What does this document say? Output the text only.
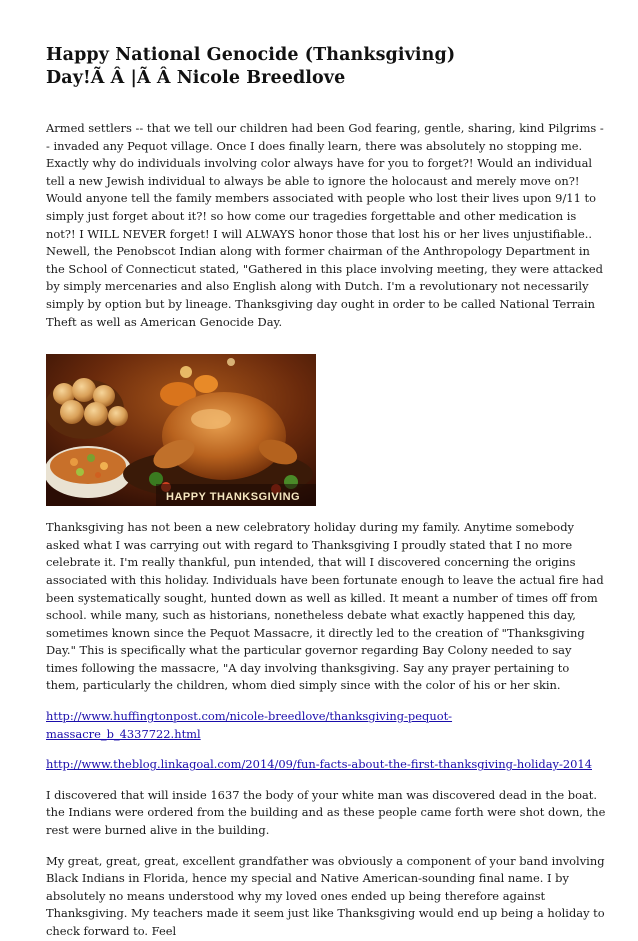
Happy National Genocide (Thanksgiving)
Day!Ã Â |Ã Â Nicole Breedlove

Armed settlers -- that we tell our children had been God fearing, gentle, sharing, kind Pilgrims -- invaded any Pequot village. Once I does finally learn, there was absolutely no stopping me. Exactly why do individuals involving color always have for you to forget?! Would an individual tell a new Jewish individual to always be able to ignore the holocaust and merely move on?! Would anyone tell the family members associated with people who lost their lives upon 9/11 to simply just forget about it?! so how come our tragedies forgettable and other medication is not?! I WILL NEVER forget! I will ALWAYS honor those that lost his or her lives unjustifiable.. Newell, the Penobscot Indian along with former chairman of the Anthropology Department in the School of Connecticut stated, "Gathered in this place involving meeting, they were attacked by simply mercenaries and also English along with Dutch. I'm a revolutionary not necessarily simply by option but by lineage. Thanksgiving day ought in order to be called National Terrain Theft as well as American Genocide Day.

HAPPY THANKSGIVING

Thanksgiving has not been a new celebratory holiday during my family. Anytime somebody asked what I was carrying out with regard to Thanksgiving I proudly stated that I no more celebrate it. I'm really thankful, pun intended, that will I discovered concerning the origins associated with this holiday. Individuals have been fortunate enough to leave the actual fire had been systematically sought, hunted down as well as killed. It meant a number of times off from school. while many, such as historians, nonetheless debate what exactly happened this day, sometimes known since the Pequot Massacre, it directly led to the creation of "Thanksgiving Day." This is specifically what the particular governor regarding Bay Colony needed to say times following the massacre, "A day involving thanksgiving. Say any prayer pertaining to them, particularly the children, whom died simply since with the color of his or her skin.

http://www.huffingtonpost.com/nicole-breedlove/thanksgiving-pequot-massacre_b_4337722.html

http://www.theblog.linkagoal.com/2014/09/fun-facts-about-the-first-thanksgiving-holiday-2014

I discovered that will inside 1637 the body of your white man was discovered dead in the boat. the Indians were ordered from the building and as these people came forth were shot down, the rest were burned alive in the building.

My great, great, great, excellent grandfather was obviously a component of your band involving Black Indians in Florida, hence my special and Native American-sounding final name. I by absolutely no means understood why my loved ones ended up being therefore against Thanksgiving. My teachers made it seem just like Thanksgiving would end up being a holiday to check forward to. Feel
